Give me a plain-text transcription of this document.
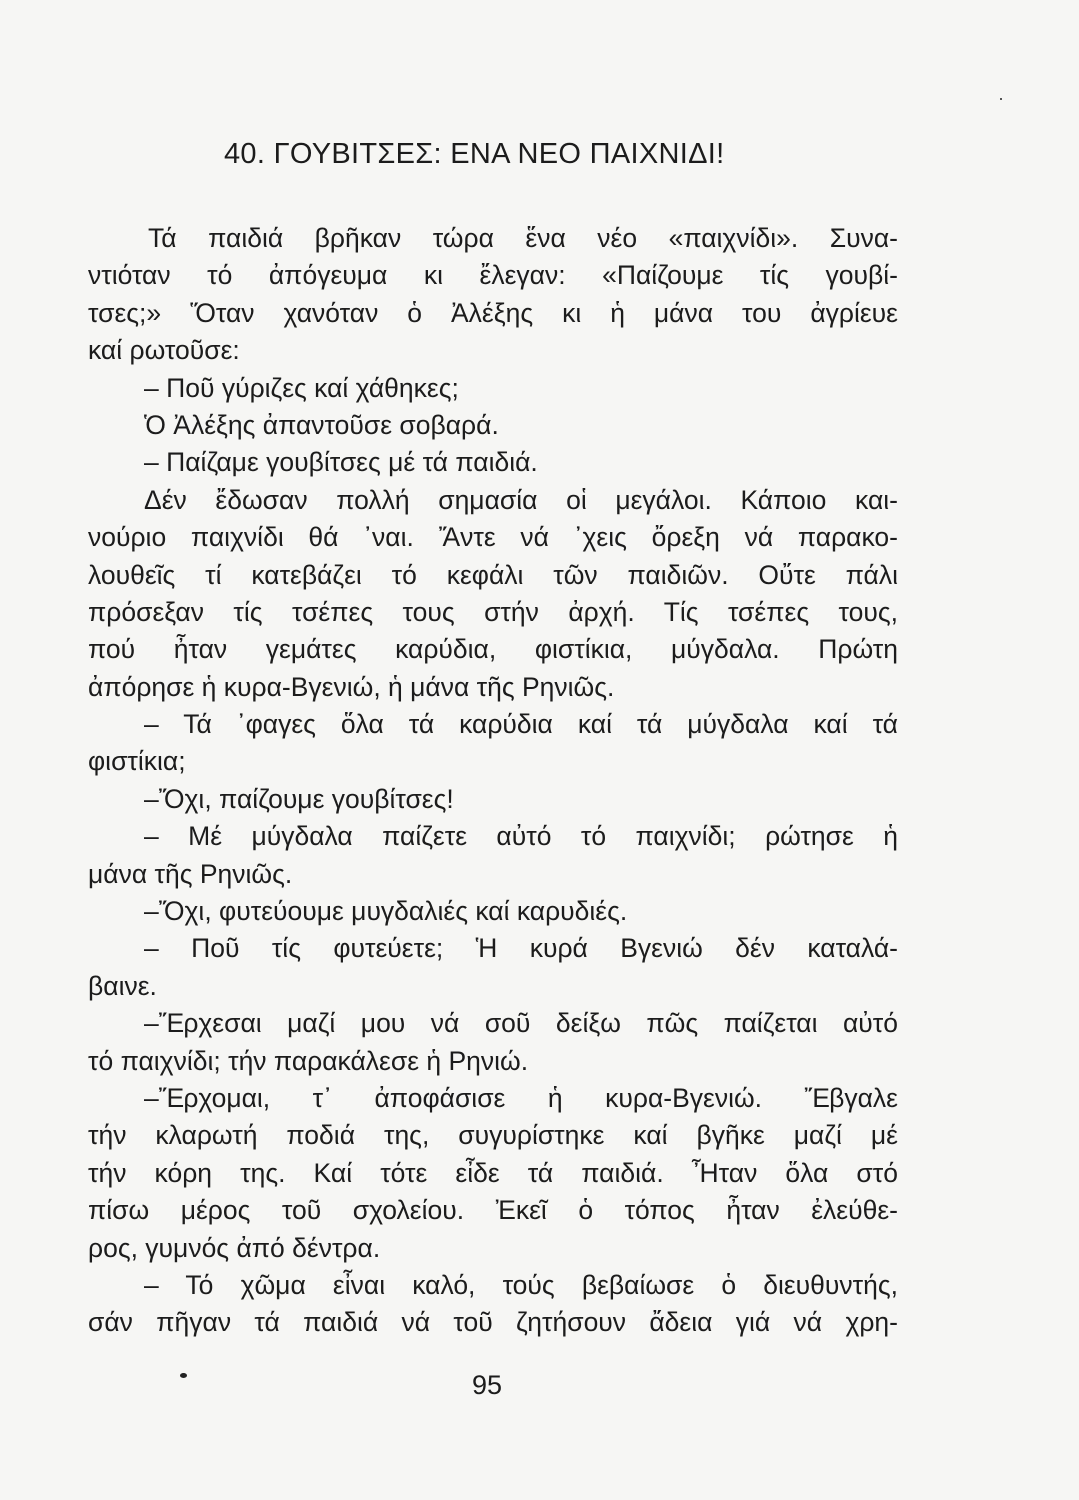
40. ΓΟΥΒΙΤΣΕΣ: ΕΝΑ ΝΕΟ ΠΑΙΧΝΙΔΙ!
Τά παιδιά βρῆκαν τώρα ἕνα νέο «παιχνίδι». Συνα-
ντιόταν τό ἀπόγευμα κι ἔλεγαν: «Παίζουμε τίς γουβί-
τσες;» Ὅταν χανόταν ὁ Ἀλέξης κι ἡ μάνα του ἀγρίευε
καί ρωτοῦσε:
– Ποῦ γύριζες καί χάθηκες;
Ὁ Ἀλέξης ἀπαντοῦσε σοβαρά.
– Παίζαμε γουβίτσες μέ τά παιδιά.
Δέν ἔδωσαν πολλή σημασία οἱ μεγάλοι. Κάποιο και-
νούριο παιχνίδι θά ᾽ναι. Ἄντε νά ᾽χεις ὄρεξη νά παρακο-
λουθεῖς τί κατεβάζει τό κεφάλι τῶν παιδιῶν. Οὔτε πάλι
πρόσεξαν τίς τσέπες τους στήν ἀρχή. Τίς τσέπες τους,
πού ἦταν γεμάτες καρύδια, φιστίκια, μύγδαλα. Πρώτη
ἀπόρησε ἡ κυρα-Βγενιώ, ἡ μάνα τῆς Ρηνιῶς.
– Τά ᾽φαγες ὅλα τά καρύδια καί τά μύγδαλα καί τά
φιστίκια;
–Ὄχι, παίζουμε γουβίτσες!
– Μέ μύγδαλα παίζετε αὐτό τό παιχνίδι; ρώτησε ἡ
μάνα τῆς Ρηνιῶς.
–Ὄχι, φυτεύουμε μυγδαλιές καί καρυδιές.
– Ποῦ τίς φυτεύετε; Ἡ κυρά Βγενιώ δέν καταλά-
βαινε.
–Ἔρχεσαι μαζί μου νά σοῦ δείξω πῶς παίζεται αὐτό
τό παιχνίδι; τήν παρακάλεσε ἡ Ρηνιώ.
–Ἔρχομαι, τ᾽ ἀποφάσισε ἡ κυρα-Βγενιώ. Ἔβγαλε
τήν κλαρωτή ποδιά της, συγυρίστηκε καί βγῆκε μαζί μέ
τήν κόρη της. Καί τότε εἶδε τά παιδιά. Ἦταν ὅλα στό
πίσω μέρος τοῦ σχολείου. Ἐκεῖ ὁ τόπος ἦταν ἐλεύθε-
ρος, γυμνός ἀπό δέντρα.
– Τό χῶμα εἶναι καλό, τούς βεβαίωσε ὁ διευθυντής,
σάν πῆγαν τά παιδιά νά τοῦ ζητήσουν ἄδεια γιά νά χρη-
95
